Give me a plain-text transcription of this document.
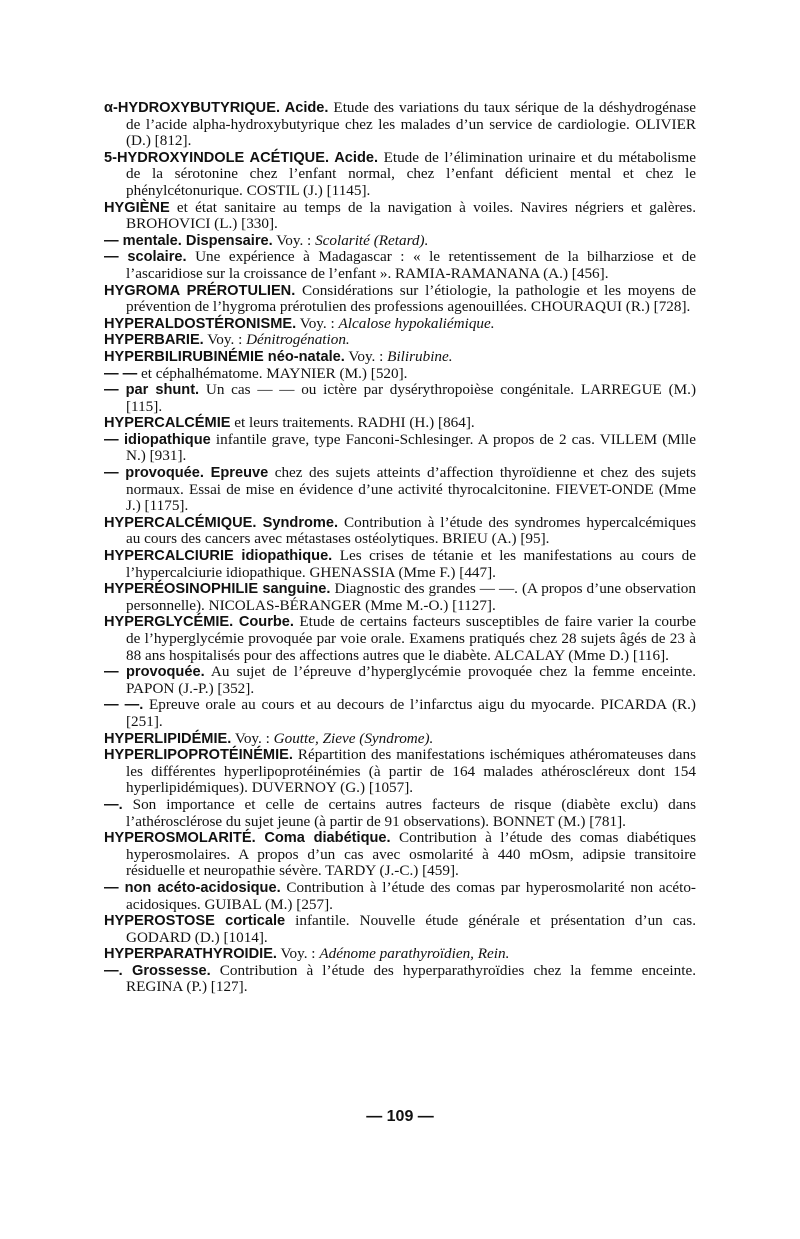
α-HYDROXYBUTYRIQUE. Acide. Etude des variations du taux sérique de la déshydrogénase de l’acide alpha-hydroxybutyrique chez les malades d’un service de cardiologie. OLIVIER (D.) [812].

5-HYDROXYINDOLE ACÉTIQUE. Acide. Etude de l’élimination urinaire et du métabolisme de la sérotonine chez l’enfant normal, chez l’enfant déficient mental et chez le phénylcétonurique. COSTIL (J.) [1145].

HYGIÈNE et état sanitaire au temps de la navigation à voiles. Navires négriers et galères. BROHOVICI (L.) [330].

— mentale. Dispensaire. Voy. : Scolarité (Retard).

— scolaire. Une expérience à Madagascar : « le retentissement de la bilharziose et de l’ascaridiose sur la croissance de l’enfant ». RAMIA-RAMANANA (A.) [456].

HYGROMA PRÉROTULIEN. Considérations sur l’étiologie, la pathologie et les moyens de prévention de l’hygroma prérotulien des professions agenouillées. CHOURAQUI (R.) [728].

HYPERALDOSTÉRONISME. Voy. : Alcalose hypokaliémique.

HYPERBARIE. Voy. : Dénitrogénation.

HYPERBILIRUBINÉMIE néo-natale. Voy. : Bilirubine.

— — et céphalhématome. MAYNIER (M.) [520].

— par shunt. Un cas — — ou ictère par dysérythropoièse congénitale. LARREGUE (M.) [115].

HYPERCALCÉMIE et leurs traitements. RADHI (H.) [864].

— idiopathique infantile grave, type Fanconi-Schlesinger. A propos de 2 cas. VILLEM (Mlle N.) [931].

— provoquée. Epreuve chez des sujets atteints d’affection thyroïdienne et chez des sujets normaux. Essai de mise en évidence d’une activité thyrocalcitonine. FIEVET-ONDE (Mme J.) [1175].

HYPERCALCÉMIQUE. Syndrome. Contribution à l’étude des syndromes hypercalcémiques au cours des cancers avec métastases ostéolytiques. BRIEU (A.) [95].

HYPERCALCIURIE idiopathique. Les crises de tétanie et les manifestations au cours de l’hypercalciurie idiopathique. GHENASSIA (Mme F.) [447].

HYPERÉOSINOPHILIE sanguine. Diagnostic des grandes — —. (A propos d’une observation personnelle). NICOLAS-BÉRANGER (Mme M.-O.) [1127].

HYPERGLYCÉMIE. Courbe. Etude de certains facteurs susceptibles de faire varier la courbe de l’hyperglycémie provoquée par voie orale. Examens pratiqués chez 28 sujets âgés de 23 à 88 ans hospitalisés pour des affections autres que le diabète. ALCALAY (Mme D.) [116].

— provoquée. Au sujet de l’épreuve d’hyperglycémie provoquée chez la femme enceinte. PAPON (J.-P.) [352].

— —. Epreuve orale au cours et au decours de l’infarctus aigu du myocarde. PICARDA (R.) [251].

HYPERLIPIDÉMIE. Voy. : Goutte, Zieve (Syndrome).

HYPERLIPOPROTÉINÉMIE. Répartition des manifestations ischémiques athéromateuses dans les différentes hyperlipoprotéinémies (à partir de 164 malades athéroscléreux dont 154 hyperlipidémiques). DUVERNOY (G.) [1057].

—. Son importance et celle de certains autres facteurs de risque (diabète exclu) dans l’athérosclérose du sujet jeune (à partir de 91 observations). BONNET (M.) [781].

HYPEROSMOLARITÉ. Coma diabétique. Contribution à l’étude des comas diabétiques hyperosmolaires. A propos d’un cas avec osmolarité à 440 mOsm, adipsie transitoire résiduelle et neuropathie sévère. TARDY (J.-C.) [459].

— non acéto-acidosique. Contribution à l’étude des comas par hyperosmolarité non acéto-acidosiques. GUIBAL (M.) [257].

HYPEROSTOSE corticale infantile. Nouvelle étude générale et présentation d’un cas. GODARD (D.) [1014].

HYPERPARATHYROIDIE. Voy. : Adénome parathyroïdien, Rein.

—. Grossesse. Contribution à l’étude des hyperparathyroïdies chez la femme enceinte. REGINA (P.) [127].

— 109 —
